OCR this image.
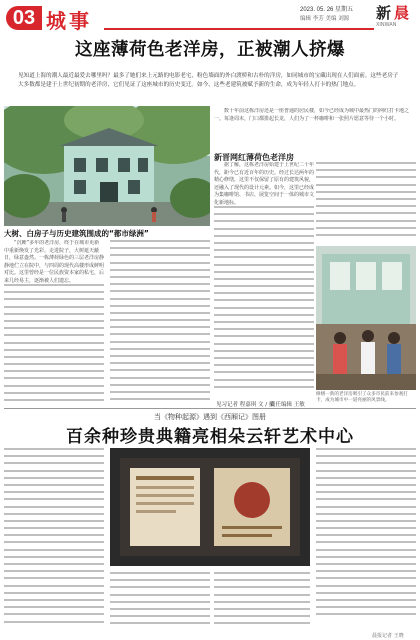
03 城事	2023. 05. 26 星期五
编辑 李芳 美编 刘源 新 晨
XINWAN
这座薄荷色老洋房，正被潮人挤爆
见知道上海的潮人最近最爱去哪里吗？最多了她们来上元路的电影老宅，粉色墙面的外白渡桥和古朴的洋房，如同城市的宝藏出现在人们面前。这些老房子大多数都是建于上世纪初期的老洋房，它们见证了这座城市的历史变迁。如今，这些老建筑被赋予新的生命，成为年轻人打卡的热门地点。
大树、白房子与历史建筑围成的“都市绿洲”

数十年前这栋洋房还是一座普通的居民楼，如今已经成为城中最热门的网红打卡地之一。每逢周末，门口都排起长龙，人们为了一杯咖啡和一张照片愿意等待一个小时。

新晋网红薄荷色老洋房

“沉睡”多年的老洋房，终于在城市更新中重新焕发了光彩。走进院子，大树遮天蔽日，绿意盎然。一栋薄荷绿色的三层老洋房静静地伫立在院中，与四周的现代高楼形成鲜明对比。这里曾经是一位民族资本家的私宅，后来几经易主，逐渐被人们遗忘。

据了解，这栋老洋房始建于上世纪二十年代，距今已有近百年的历史。经过长达两年的精心修缮，这里不仅保留了原有的建筑风貌，还融入了现代的设计元素。如今，这里已经成为集咖啡馆、书店、展览空间于一体的城市文化新地标。

修缮一新的老洋房吸引了众多市民前来参观打卡，成为城市中一道亮丽的风景线。
见习记者 程嘉琪 文 / 摄
责任编辑 王敏
当《物种起源》遇到《西厢记》图册
百余种珍贵典籍亮相朵云轩艺术中心
晨报记者 王晓
